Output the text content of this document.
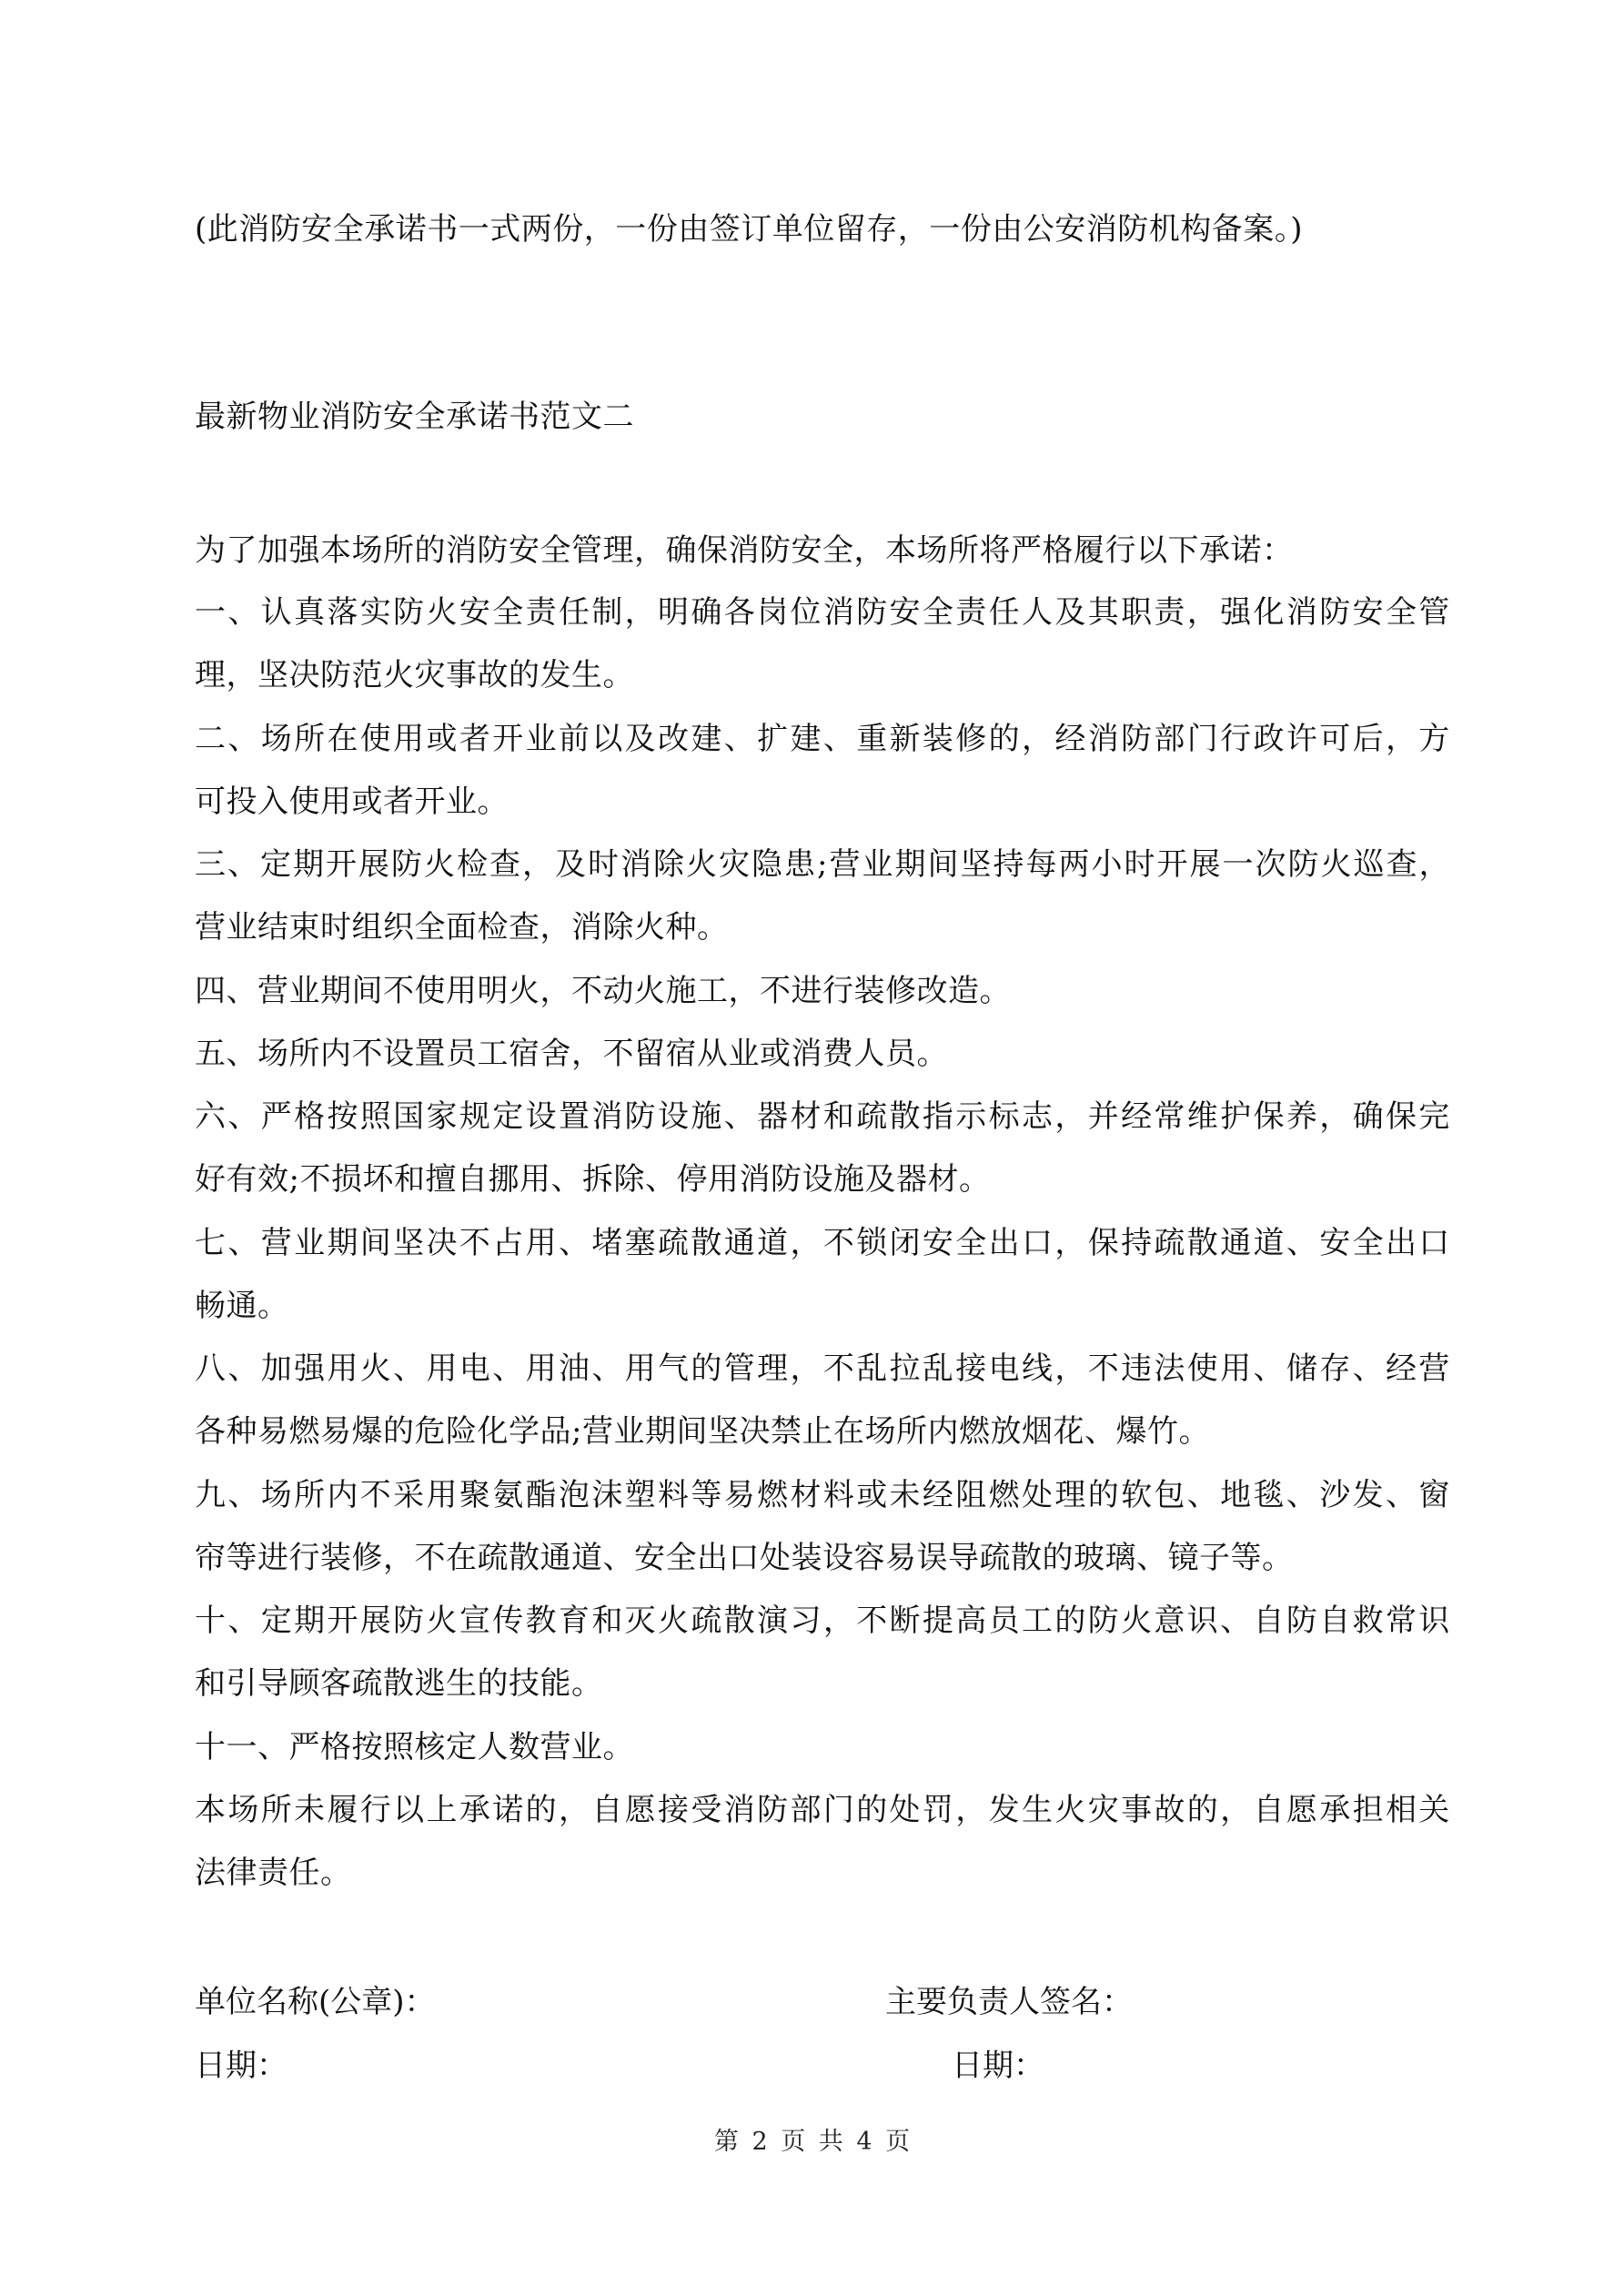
(此消防安全承诺书一式两份，一份由签订单位留存，一份由公安消防机构备案。)
最新物业消防安全承诺书范文二
为了加强本场所的消防安全管理，确保消防安全，本场所将严格履行以下承诺：
一 、 认 真 落 实 防 火 安 全 责 任 制 ， 明 确 各 岗 位 消 防 安 全 责 任 人 及 其 职 责 ， 强 化 消 防 安 全 管
理，坚决防范火灾事故的发生。
二 、 场 所 在 使 用 或 者 开 业 前 以 及 改 建 、 扩 建 、 重 新 装 修 的 ， 经 消 防 部 门 行 政 许 可 后 ， 方
可投入使用或者开业。
三 、 定 期 开 展 防 火 检 查 ， 及 时 消 除 火 灾 隐 患 ; 营 业 期 间 坚 持 每 两 小 时 开 展 一 次 防 火 巡 查 ，
营业结束时组织全面检查，消除火种。
四、营业期间不使用明火，不动火施工，不进行装修改造。
五、场所内不设置员工宿舍，不留宿从业或消费人员。
六 、 严 格 按 照 国 家 规 定 设 置 消 防 设 施 、 器 材 和 疏 散 指 示 标 志 ， 并 经 常 维 护 保 养 ， 确 保 完
好有效;不损坏和擅自挪用、拆除、停用消防设施及器材。
七 、 营 业 期 间 坚 决 不 占 用 、 堵 塞 疏 散 通 道 ， 不 锁 闭 安 全 出 口 ， 保 持 疏 散 通 道 、 安 全 出 口
畅通。
八 、 加 强 用 火 、 用 电 、 用 油 、 用 气 的 管 理 ， 不 乱 拉 乱 接 电 线 ， 不 违 法 使 用 、 储 存 、 经 营
各种易燃易爆的危险化学品;营业期间坚决禁止在场所内燃放烟花、爆竹。
九 、 场 所 内 不 采 用 聚 氨 酯 泡 沫 塑 料 等 易 燃 材 料 或 未 经 阻 燃 处 理 的 软 包 、 地 毯 、 沙 发 、 窗
帘等进行装修，不在疏散通道、安全出口处装设容易误导疏散的玻璃、镜子等。
十 、 定 期 开 展 防 火 宣 传 教 育 和 灭 火 疏 散 演 习 ， 不 断 提 高 员 工 的 防 火 意 识 、 自 防 自 救 常 识
和引导顾客疏散逃生的技能。
十一、严格按照核定人数营业。
本 场 所 未 履 行 以 上 承 诺 的 ， 自 愿 接 受 消 防 部 门 的 处 罚 ， 发 生 火 灾 事 故 的 ， 自 愿 承 担 相 关
法律责任。
单位名称(公章)：	主要负责人签名：
日期：	日期：
第 2 页 共 4 页
